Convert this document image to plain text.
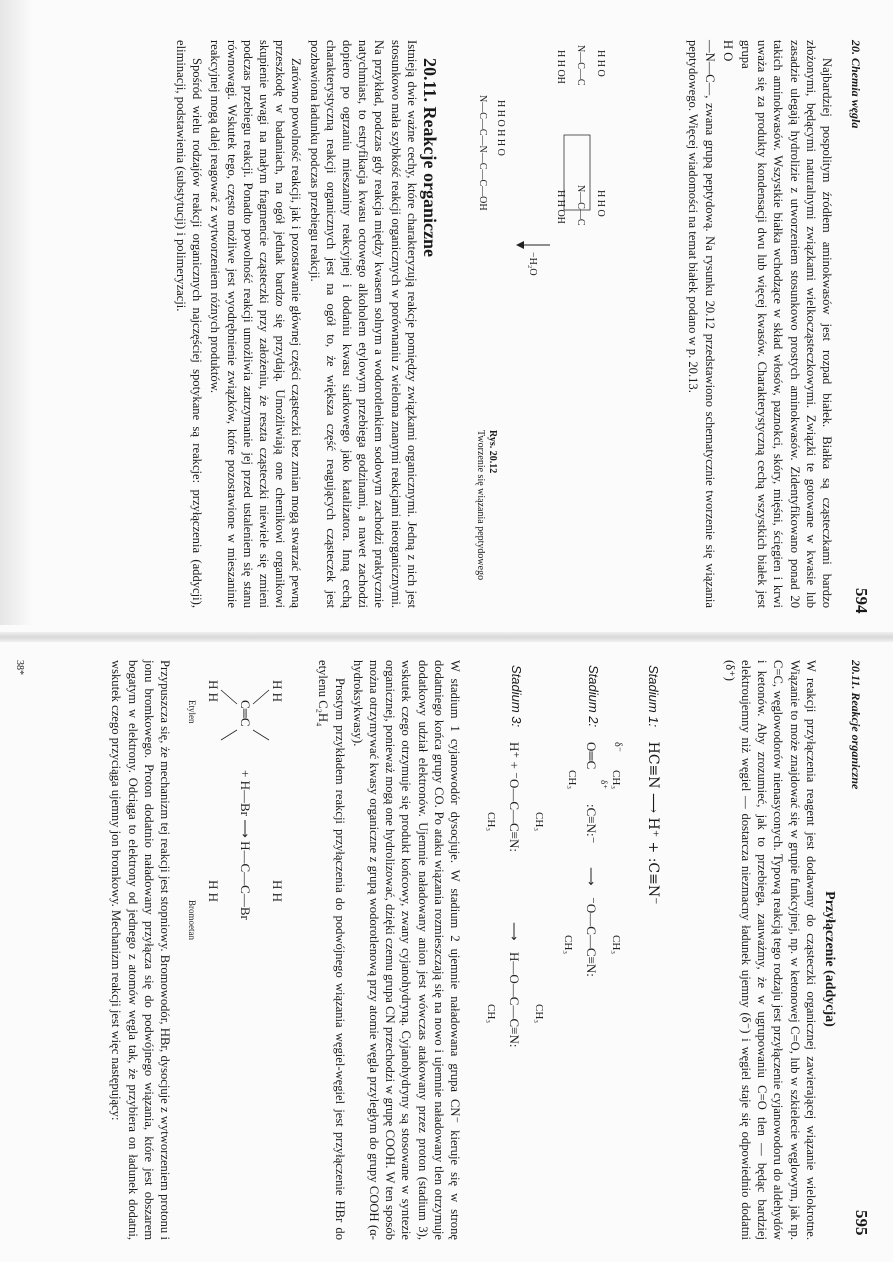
20. Chemia węgla
594

Najbardziej pospolitym źródłem aminokwasów jest rozpad białek. Białka są cząsteczkami bardzo złożonymi, będącymi naturalnymi związkami wielkocząsteczkowymi. Związki te gotowane w kwasie lub zasadzie ulegają hydrolizie z utworzeniem stosunkowo prostych aminokwasów. Zidentyfikowano ponad 20 takich aminokwasów. Wszystkie białka wchodzące w skład włosów, paznokci, skóry, mięśni, ścięgien i krwi uważa się za produkty kondensacji dwu lub więcej kwasów. Charakterystyczną cechą wszystkich białek jest grupa

H O

—N—C—, zwana grupą peptydową. Na rysunku 20.12 przedstawiono schematycznie tworzenie się wiązania peptydowego. Więcej wiadomości na temat białek podano w p. 20.13.

H H O
N—C—C
H H OH
H H O
N—C—C
H H OH
−H₂O
H H O H H O
N—C—C—N—C—C—OH
Rys. 20.12
Tworzenie się wiązania peptydowego

20.11. Reakcje organiczne

Istnieją dwie ważne cechy, które charakteryzują reakcje pomiędzy związkami organicznymi. Jedną z nich jest stosunkowo mała szybkość reakcji organicznych w porównaniu z wieloma znanymi reakcjami nieorganicznymi. Na przykład, podczas gdy reakcja między kwasem solnym a wodorotlenkiem sodowym zachodzi praktycznie natychmiast, to estryfikacja kwasu octowego alkoholem etylowym przebiega godzinami, a nawet zachodzi dopiero po ogrzaniu mieszaniny reakcyjnej i dodaniu kwasu siarkowego jako katalizatora. Inną cechą charakterystyczną reakcji organicznych jest na ogół to, że większa część reagujących cząsteczek jest pozbawiona ładunku podczas przebiegu reakcji.

Zarówno powolność reakcji, jak i pozostawanie głównej części cząsteczki bez zmian mogą stwarzać pewną przeszkodę w badaniach, na ogół jednak bardzo się przydają. Umożliwiają one chemikowi organikowi skupienie uwagi na małym fragmencie cząsteczki przy założeniu, że reszta cząsteczki niewiele się zmieni podczas przebiegu reakcji. Ponadto powolność reakcji umożliwia zatrzymanie jej przed ustaleniem się stanu równowagi. Wskutek tego, często możliwe jest wyodrębnienie związków, które pozostawione w mieszaninie reakcyjnej mogą dalej reagować z wytworzeniem różnych produktów.

Spośród wielu rodzajów reakcji organicznych najczęściej spotykane są reakcje: przyłączenia (addycji), eliminacji, podstawienia (substytucji) i polimeryzacji.

20.11. Reakcje organiczne
595

Przyłączenie (addycja)

W reakcji przyłączenia reagent jest dodawany do cząsteczki organicznej zawierającej wiązanie wielokrotne. Wiązanie to może znajdować się w grupie funkcyjnej, np. w ketonowej C=O, lub w szkielecie węglowym, jak np. C=C, węglowodorów nienasyconych. Typową reakcją tego rodzaju jest przyłączenie cyjanowodoru do aldehydów i ketonów. Aby zrozumieć, jak to przebiega, zauważmy, że w ugrupowaniu C=O tlen — będąc bardziej elektroujemny niż węgiel — dostarcza niezmacny ładunek ujemny (δ⁻) i węgiel staje się odpowiednio dodatni (δ⁺)

Stadium 1: HC≡N ⟶ H⁺ + :C≡N⁻
Stadium 2:
δ⁻
CH₃
δ⁺
O═C
CH₃
:C≡N:⁻
⟶
⁻O—C—C≡N: CH₃
CH₃
Stadium 3:
H⁺ + ⁻O—C—C≡N: CH₃
CH₃
⟶
H—O—C—C≡N: CH₃
CH₃

W stadium 1 cyjanowodór dysocjuje. W stadium 2 ujemnie naładowana grupa CN⁻ kieruje się w stronę dodatniego końca grupy CO. Po ataku wiązania rozmieszczają się na nowo i ujemnie naładowany tlen otrzymuje dodatkowy udział elektronów. Ujemnie naładowany anion jest wówczas atakowany przez proton (stadium 3), wskutek czego otrzymuje się produkt końcowy, zwany cyjanohydryną. Cyjanohydryny są stosowane w syntezie organicznej, ponieważ mogą one hydrolizować, dzięki czemu grupa CN przechodzi w grupę COOH. W ten sposób można otrzymywać kwasy organiczne z grupą wodorotlenową przy atomie węgla przyległym do grupy COOH (α-hydroksykwasy).

Prostym przykładem reakcji przyłączenia do podwójnego wiązania węgiel-węgiel jest przyłączenie HBr do etylenu C₂H₄

H H
C═C
H H
+ H—Br ⟶ H—C—C—Br H H
H H
Etylen
Bromoetan

Przypuszcza się, że mechanizm tej reakcji jest stopniowy. Bromowodór, HBr, dysocjuje z wytworzeniem protonu i jonu bromkowego. Proton dodatnio naładowany przyłącza się do podwójnego wiązania, które jest obszarem bogatym w elektrony. Odciąga to elektrony od jednego z atomów węgla tak, że przybiera on ładunek dodatni, wskutek czego przyciąga ujemny jon bromkowy. Mechanizm reakcji jest więc następujący:

38*
